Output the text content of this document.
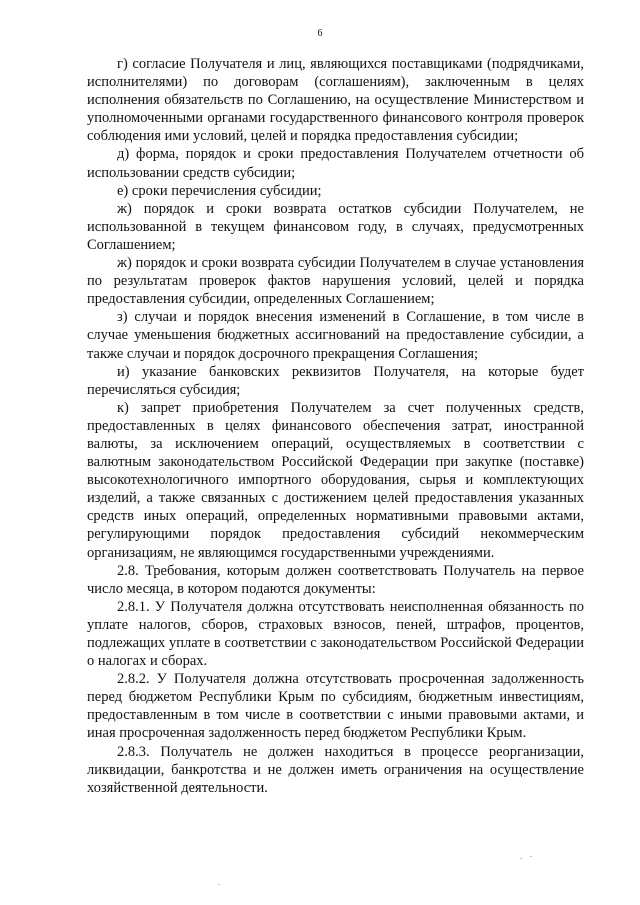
6

г) согласие Получателя и лиц, являющихся поставщиками (подрядчиками, исполнителями) по договорам (соглашениям), заключенным в целях исполнения обязательств по Соглашению, на осуществление Министерством и уполномоченными органами государственного финансового контроля проверок соблюдения ими условий, целей и порядка предоставления субсидии;

д) форма, порядок и сроки предоставления Получателем отчетности об использовании средств субсидии;

е) сроки перечисления субсидии;

ж) порядок и сроки возврата остатков субсидии Получателем, не использованной в текущем финансовом году, в случаях, предусмотренных Соглашением;

ж) порядок и сроки возврата субсидии Получателем в случае установления по результатам проверок фактов нарушения условий, целей и порядка предоставления субсидии, определенных Соглашением;

з) случаи и порядок внесения изменений в Соглашение, в том числе в случае уменьшения бюджетных ассигнований на предоставление субсидии, а также случаи и порядок досрочного прекращения Соглашения;

и) указание банковских реквизитов Получателя, на которые будет перечисляться субсидия;

к) запрет приобретения Получателем за счет полученных средств, предоставленных в целях финансового обеспечения затрат, иностранной валюты, за исключением операций, осуществляемых в соответствии с валютным законодательством Российской Федерации при закупке (поставке) высокотехнологичного импортного оборудования, сырья и комплектующих изделий, а также связанных с достижением целей предоставления указанных средств иных операций, определенных нормативными правовыми актами, регулирующими порядок предоставления субсидий некоммерческим организациям, не являющимся государственными учреждениями.

2.8. Требования, которым должен соответствовать Получатель на первое число месяца, в котором подаются документы:

2.8.1. У Получателя должна отсутствовать неисполненная обязанность по уплате налогов, сборов, страховых взносов, пеней, штрафов, процентов, подлежащих уплате в соответствии с законодательством Российской Федерации о налогах и сборах.

2.8.2. У Получателя должна отсутствовать просроченная задолженность перед бюджетом Республики Крым по субсидиям, бюджетным инвестициям, предоставленным в том числе в соответствии с иными правовыми актами, и иная просроченная задолженность перед бюджетом Республики Крым.

2.8.3. Получатель не должен находиться в процессе реорганизации, ликвидации, банкротства и не должен иметь ограничения на осуществление хозяйственной деятельности.
